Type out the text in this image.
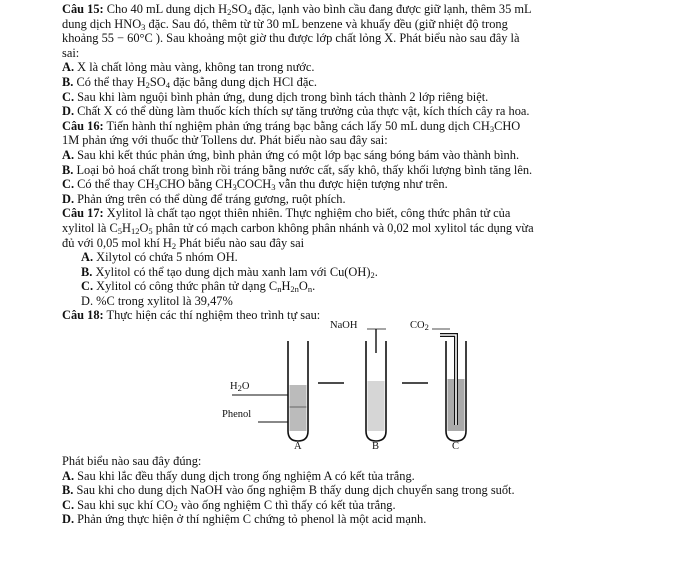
Câu 15: Cho 40 mL dung dịch $H_2SO_4$ đặc, lạnh vào bình cầu đang được giữ lạnh, thêm 35 mL
dung dịch $HNO_3$ đặc. Sau đó, thêm từ từ 30 mL benzene và khuấy đều (giữ nhiệt độ trong
khoảng 55 − 60°C ). Sau khoảng một giờ thu được lớp chất lỏng X. Phát biểu nào sau đây là
sai:
A. X là chất lỏng màu vàng, không tan trong nước.
B. Có thể thay $H_2SO_4$ đặc bằng dung dịch HCl đặc.
C. Sau khi làm nguội bình phản ứng, dung dịch trong bình tách thành 2 lớp riêng biệt.
D. Chất X có thể dùng làm thuốc kích thích sự tăng trưởng của thực vật, kích thích cây ra hoa.
Câu 16: Tiến hành thí nghiệm phản ứng tráng bạc bằng cách lấy 50 mL dung dịch $CH_3CHO$
1M phản ứng với thuốc thử Tollens dư. Phát biểu nào sau đây sai:
A. Sau khi kết thúc phản ứng, bình phản ứng có một lớp bạc sáng bóng bám vào thành bình.
B. Loại bỏ hoá chất trong bình rồi tráng bằng nước cất, sấy khô, thấy khối lượng bình tăng lên.
C. Có thể thay $CH_3CHO$ bằng $CH_3COCH_3$ vẫn thu được hiện tượng như trên.
D. Phản ứng trên có thể dùng để tráng gương, ruột phích.
Câu 17: Xylitol là chất tạo ngọt thiên nhiên. Thực nghiệm cho biết, công thức phân tử của
xylitol là $C_5H_{12}O_5$ phân tử có mạch carbon không phân nhánh và 0,02 mol xylitol tác dụng vừa
đủ với 0,05 mol khí $H_2$ Phát biểu nào sau đây sai
A. Xilytol có chứa 5 nhóm OH.
B. Xylitol có thể tạo dung dịch màu xanh lam với $Cu(OH)_2$.
C. Xylitol có công thức phân tử dạng $C_nH_{2n}O_n$.
D. %C trong xylitol là 39,47%
Câu 18: Thực hiện các thí nghiệm theo trình tự sau:
NaOH	$CO_2$
$H_2O$
Phenol
A	B	C
Phát biểu nào sau đây đúng:
A. Sau khi lắc đều thấy dung dịch trong ống nghiệm A có kết tủa trắng.
B. Sau khi cho dung dịch NaOH vào ống nghiệm B thấy dung dịch chuyển sang trong suốt.
C. Sau khi sục khí $CO_2$ vào ống nghiệm C thì thấy có kết tủa trắng.
D. Phản ứng thực hiện ở thí nghiệm C chứng tỏ phenol là một acid mạnh.
